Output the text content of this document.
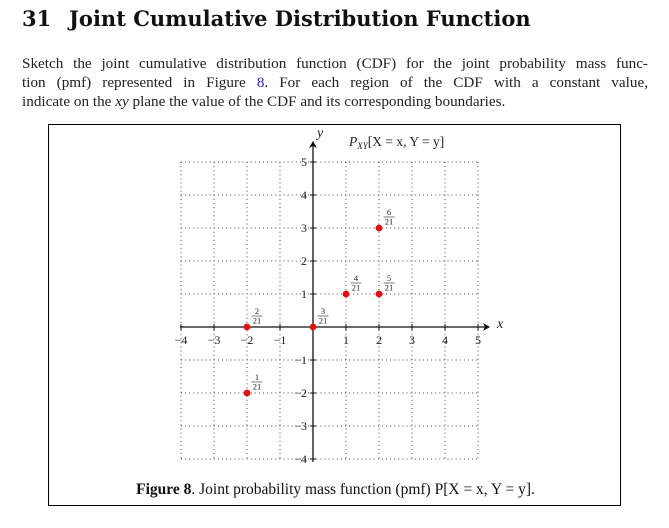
31 Joint Cumulative Distribution Function
Sketch the joint cumulative distribution function (CDF) for the joint probability mass func-
tion (pmf) represented in Figure 8. For each region of the CDF with a constant value,
indicate on the xy plane the value of the CDF and its corresponding boundaries.
−4 −3 −2 −1	1 2 3 4 5
5
4
3
2
1
−1
−2
−3
−4
2
21
3
21
1
21
4
21
5
21
6
21
x
y
$P_{XY}[X = x$, Y = y]
Figure 8. Joint probability mass function (pmf) P[X = x, Y = y].
